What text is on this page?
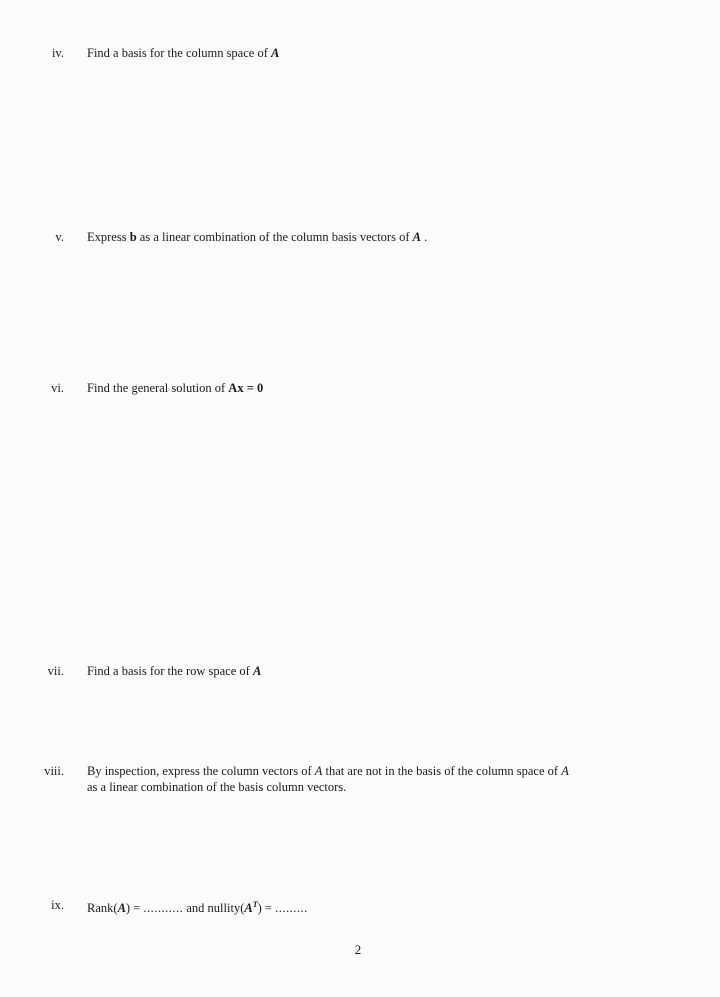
iv. Find a basis for the column space of A
v. Express b as a linear combination of the column basis vectors of A .
vi. Find the general solution of Ax = 0
vii. Find a basis for the row space of A
viii. By inspection, express the column vectors of A that are not in the basis of the column space of A
as a linear combination of the basis column vectors.
ix. Rank(A) = ........... and $nullity(A^T)$ = .........
2
